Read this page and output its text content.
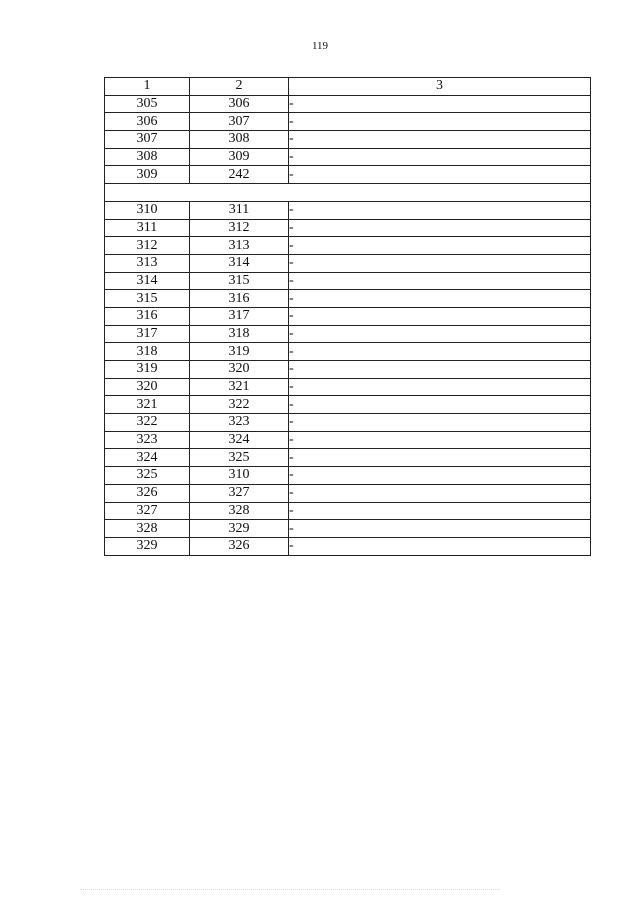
119
1	2	3
305	306	-
306	307	-
307	308	-
308	309	-
309	242	-

310	311	-
311	312	-
312	313	-
313	314	-
314	315	-
315	316	-
316	317	-
317	318	-
318	319	-
319	320	-
320	321	-
321	322	-
322	323	-
323	324	-
324	325	-
325	310	-
326	327	-
327	328	-
328	329	-
329	326	-
